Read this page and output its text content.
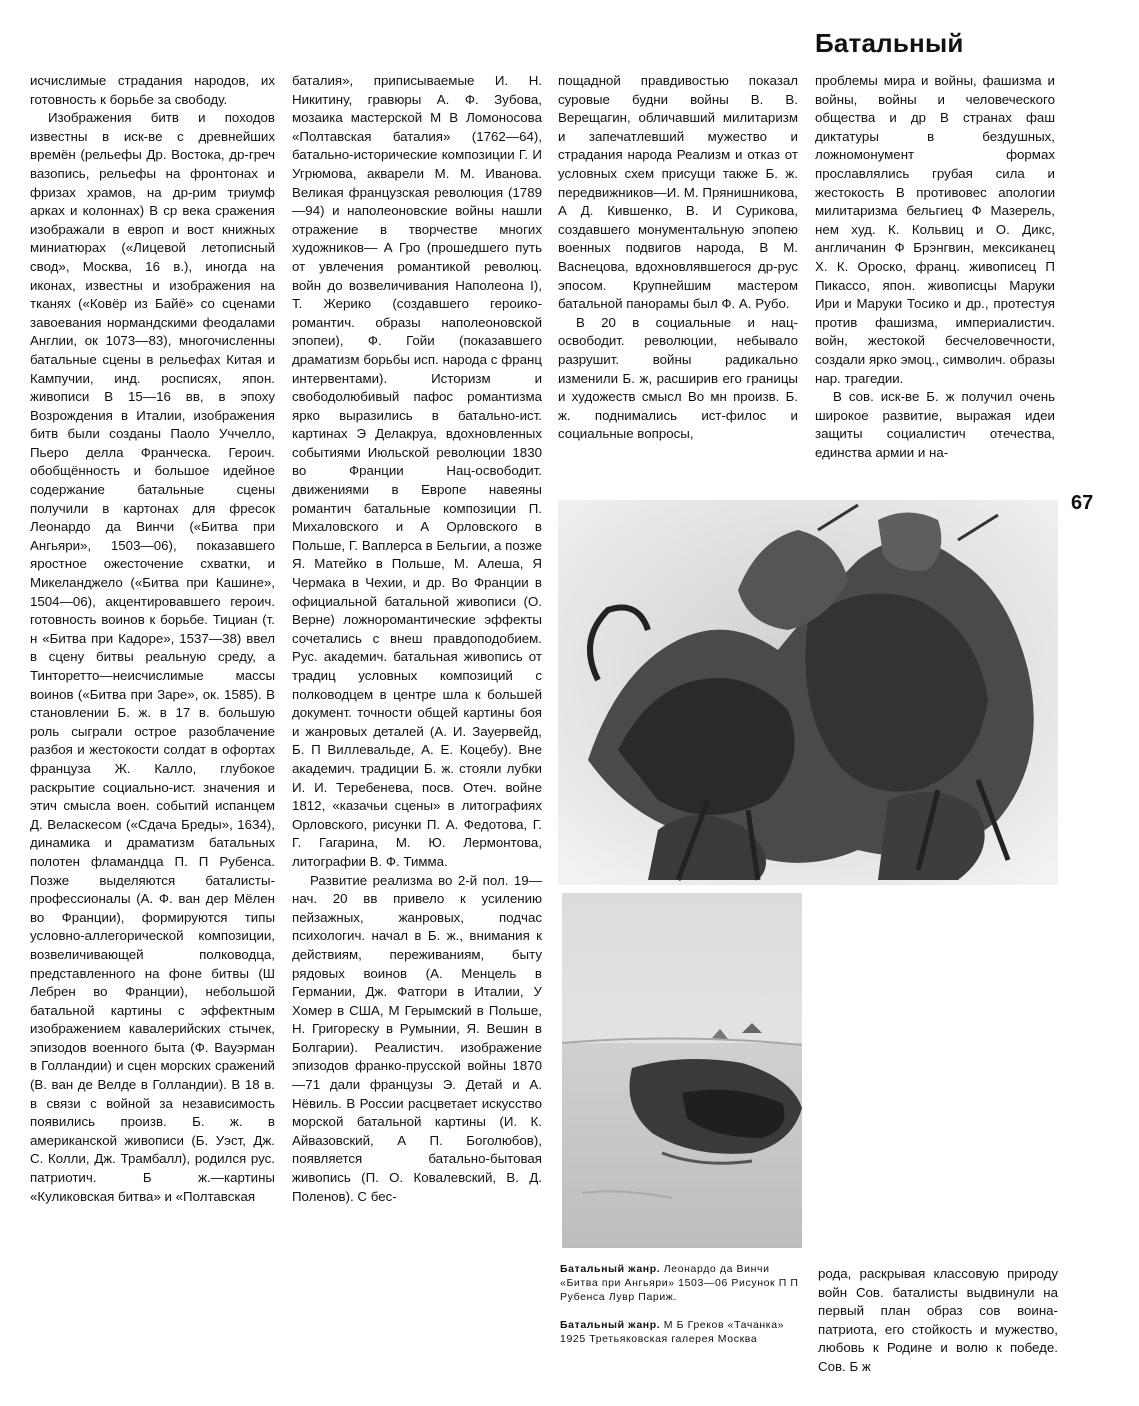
Батальный
67

исчислимые страдания народов, их готовность к борьбе за свободу.

Изображения битв и походов известны в иск-ве с древнейших времён (рельефы Др. Востока, др-греч вазопись, рельефы на фронтонах и фризах храмов, на др-рим триумф арках и колоннах) В ср века сражения изображали в европ и вост книжных миниатюрах («Лицевой летописный свод», Москва, 16 в.), иногда на иконах, известны и изображения на тканях («Ковёр из Байё» со сценами завоевания нормандскими феодалами Англии, ок 1073—83), многочисленны батальные сцены в рельефах Китая и Кампучии, инд. росписях, япон. живописи В 15—16 вв, в эпоху Возрождения в Италии, изображения битв были созданы Паоло Уччелло, Пьеро делла Франческа. Героич. обобщённость и большое идейное содержание батальные сцены получили в картонах для фресок Леонардо да Винчи («Битва при Ангьяри», 1503—06), показавшего яростное ожесточение схватки, и Микеланджело («Битва при Кашине», 1504—06), акцентировавшего героич. готовность воинов к борьбе. Тициан (т. н «Битва при Кадоре», 1537—38) ввел в сцену битвы реальную среду, а Тинторетто—неисчислимые массы воинов («Битва при Заре», ок. 1585). В становлении Б. ж. в 17 в. большую роль сыграли острое разоблачение разбоя и жестокости солдат в офортах француза Ж. Калло, глубокое раскрытие социально-ист. значения и этич смысла воен. событий испанцем Д. Веласкесом («Сдача Бреды», 1634), динамика и драматизм батальных полотен фламандца П. П Рубенса. Позже выделяются баталисты-профессионалы (А. Ф. ван дер Мёлен во Франции), формируются типы условно-аллегорической композиции, возвеличивающей полководца, представленного на фоне битвы (Ш Лебрен во Франции), небольшой батальной картины с эффектным изображением кавалерийских стычек, эпизодов военного быта (Ф. Вауэрман в Голландии) и сцен морских сражений (В. ван де Велде в Голландии). В 18 в. в связи с войной за независимость появились произв. Б. ж. в американской живописи (Б. Уэст, Дж. С. Колли, Дж. Трамбалл), родился рус. патриотич. Б ж.—картины «Куликовская битва» и «Полтавская

баталия», приписываемые И. Н. Никитину, гравюры А. Ф. Зубова, мозаика мастерской М В Ломоносова «Полтавская баталия» (1762—64), батально-исторические композиции Г. И Угрюмова, акварели М. М. Иванова. Великая французская революция (1789—94) и наполеоновские войны нашли отражение в творчестве многих художников— А Гро (прошедшего путь от увлечения романтикой революц. войн до возвеличивания Наполеона I), Т. Жерико (создавшего героико-романтич. образы наполеоновской эпопеи), Ф. Гойи (показавшего драматизм борьбы исп. народа с франц интервентами). Историзм и свободолюбивый пафос романтизма ярко выразились в батально-ист. картинах Э Делакруа, вдохновленных событиями Июльской революции 1830 во Франции Нац-освободит. движениями в Европе навеяны романтич батальные композиции П. Михаловского и А Орловского в Польше, Г. Ваплерса в Бельгии, а позже Я. Матейко в Польше, М. Алеша, Я Чермака в Чехии, и др. Во Франции в официальной батальной живописи (О. Верне) ложноромантические эффекты сочетались с внеш правдоподобием. Рус. академич. батальная живопись от традиц условных композиций с полководцем в центре шла к большей документ. точности общей картины боя и жанровых деталей (А. И. Зауервейд, Б. П Виллевальде, А. Е. Коцебу). Вне академич. традиции Б. ж. стояли лубки И. И. Теребенева, посв. Отеч. войне 1812, «казачьи сцены» в литографиях Орловского, рисунки П. А. Федотова, Г. Г. Гагарина, М. Ю. Лермонтова, литографии В. Ф. Тимма.

Развитие реализма во 2-й пол. 19—нач. 20 вв привело к усилению пейзажных, жанровых, подчас психологич. начал в Б. ж., внимания к действиям, переживаниям, быту рядовых воинов (А. Менцель в Германии, Дж. Фатгори в Италии, У Хомер в США, М Герымский в Польше, Н. Григореску в Румынии, Я. Вешин в Болгарии). Реалистич. изображение эпизодов франко-прусской войны 1870—71 дали французы Э. Детай и А. Нёвиль. В России расцветает искусство морской батальной картины (И. К. Айвазовский, А П. Боголюбов), появляется батально-бытовая живопись (П. О. Ковалевский, В. Д. Поленов). С бес-

пощадной правдивостью показал суровые будни войны В. В. Верещагин, обличавший милитаризм и запечатлевший мужество и страдания народа Реализм и отказ от условных схем присущи также Б. ж. передвижников—И. М. Прянишникова, А Д. Кившенко, В. И Сурикова, создавшего монументальную эпопею военных подвигов народа, В М. Васнецова, вдохновлявшегося др-рус эпосом. Крупнейшим мастером батальной панорамы был Ф. А. Рубо.

В 20 в социальные и нац-освободит. революции, небывало разрушит. войны радикально изменили Б. ж, расширив его границы и художеств смысл Во мн произв. Б. ж. поднимались ист-филос и социальные вопросы,

проблемы мира и войны, фашизма и войны, войны и человеческого общества и др В странах фаш диктатуры в бездушных, ложномонумент формах прославлялись грубая сила и жестокость В противовес апологии милитаризма бельгиец Ф Мазерель, нем худ. К. Кольвиц и О. Дикс, англичанин Ф Брэнгвин, мексиканец Х. К. Ороско, франц. живописец П Пикассо, япон. живописцы Маруки Ири и Маруки Тосико и др., протестуя против фашизма, империалистич. войн, жестокой бесчеловечности, создали ярко эмоц., символич. образы нар. трагедии.

В сов. иск-ве Б. ж получил очень широкое развитие, выражая идеи защиты социалистич отечества, единства армии и на-

рода, раскрывая классовую природу войн Сов. баталисты выдвинули на первый план образ сов воина-патриота, его стойкость и мужество, любовь к Родине и волю к победе. Сов. Б ж

Батальный жанр. Леонардо да Винчи «Битва при Ангьяри» 1503—06 Рисунок П П Рубенса Лувр Париж.
Батальный жанр. М Б Греков «Тачанка» 1925 Третьяковская галерея Москва
